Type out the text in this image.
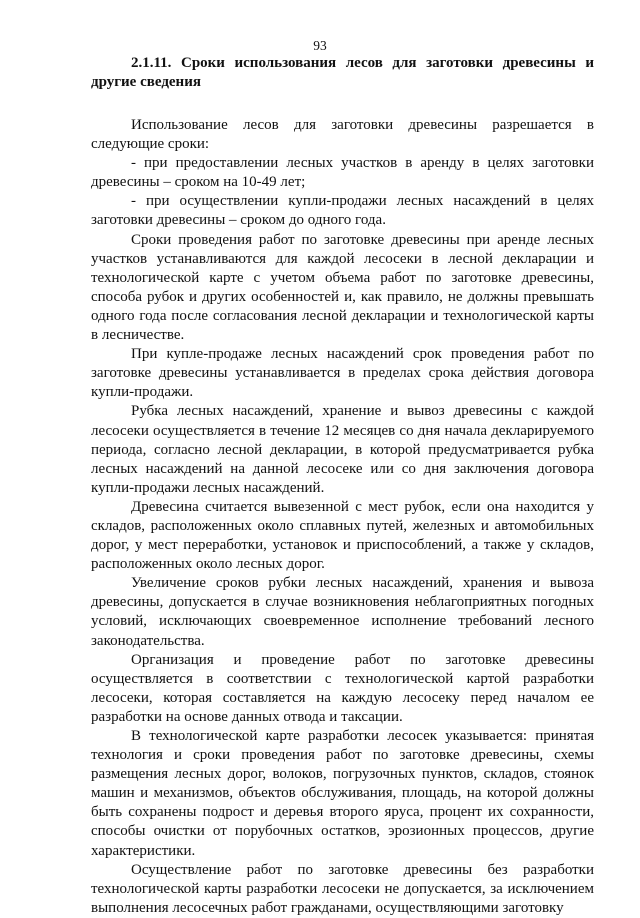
93
2.1.11. Сроки использования лесов для заготовки древесины и другие сведения

Использование лесов для заготовки древесины разрешается в следующие сроки:

- при предоставлении лесных участков в аренду в целях заготовки древесины – сроком на 10-49 лет;

- при осуществлении купли-продажи лесных насаждений в целях заготовки древесины – сроком до одного года.

Сроки проведения работ по заготовке древесины при аренде лесных участков устанавливаются для каждой лесосеки в лесной декларации и технологической карте с учетом объема работ по заготовке древесины, способа рубок и других особенностей и, как правило, не должны превышать одного года после согласования лесной декларации и технологической карты в лесничестве.

При купле-продаже лесных насаждений срок проведения работ по заготовке древесины устанавливается в пределах срока действия договора купли-продажи.

Рубка лесных насаждений, хранение и вывоз древесины с каждой лесосеки осуществляется в течение 12 месяцев со дня начала декларируемого периода, согласно лесной декларации, в которой предусматривается рубка лесных насаждений на данной лесосеке или со дня заключения договора купли-продажи лесных насаждений.

Древесина считается вывезенной с мест рубок, если она находится у складов, расположенных около сплавных путей, железных и автомобильных дорог, у мест переработки, установок и приспособлений, а также у складов, расположенных около лесных дорог.

Увеличение сроков рубки лесных насаждений, хранения и вывоза древесины, допускается в случае возникновения неблагоприятных погодных условий, исключающих своевременное исполнение требований лесного законодательства.

Организация и проведение работ по заготовке древесины осуществляется в соответствии с технологической картой разработки лесосеки, которая составляется на каждую лесосеку перед началом ее разработки на основе данных отвода и таксации.

В технологической карте разработки лесосек указывается: принятая технология и сроки проведения работ по заготовке древесины, схемы размещения лесных дорог, волоков, погрузочных пунктов, складов, стоянок машин и механизмов, объектов обслуживания, площадь, на которой должны быть сохранены подрост и деревья второго яруса, процент их сохранности, способы очистки от порубочных остатков, эрозионных процессов, другие характеристики.

Осуществление работ по заготовке древесины без разработки технологической карты разработки лесосеки не допускается, за исключением выполнения лесосечных работ гражданами, осуществляющими заготовку
